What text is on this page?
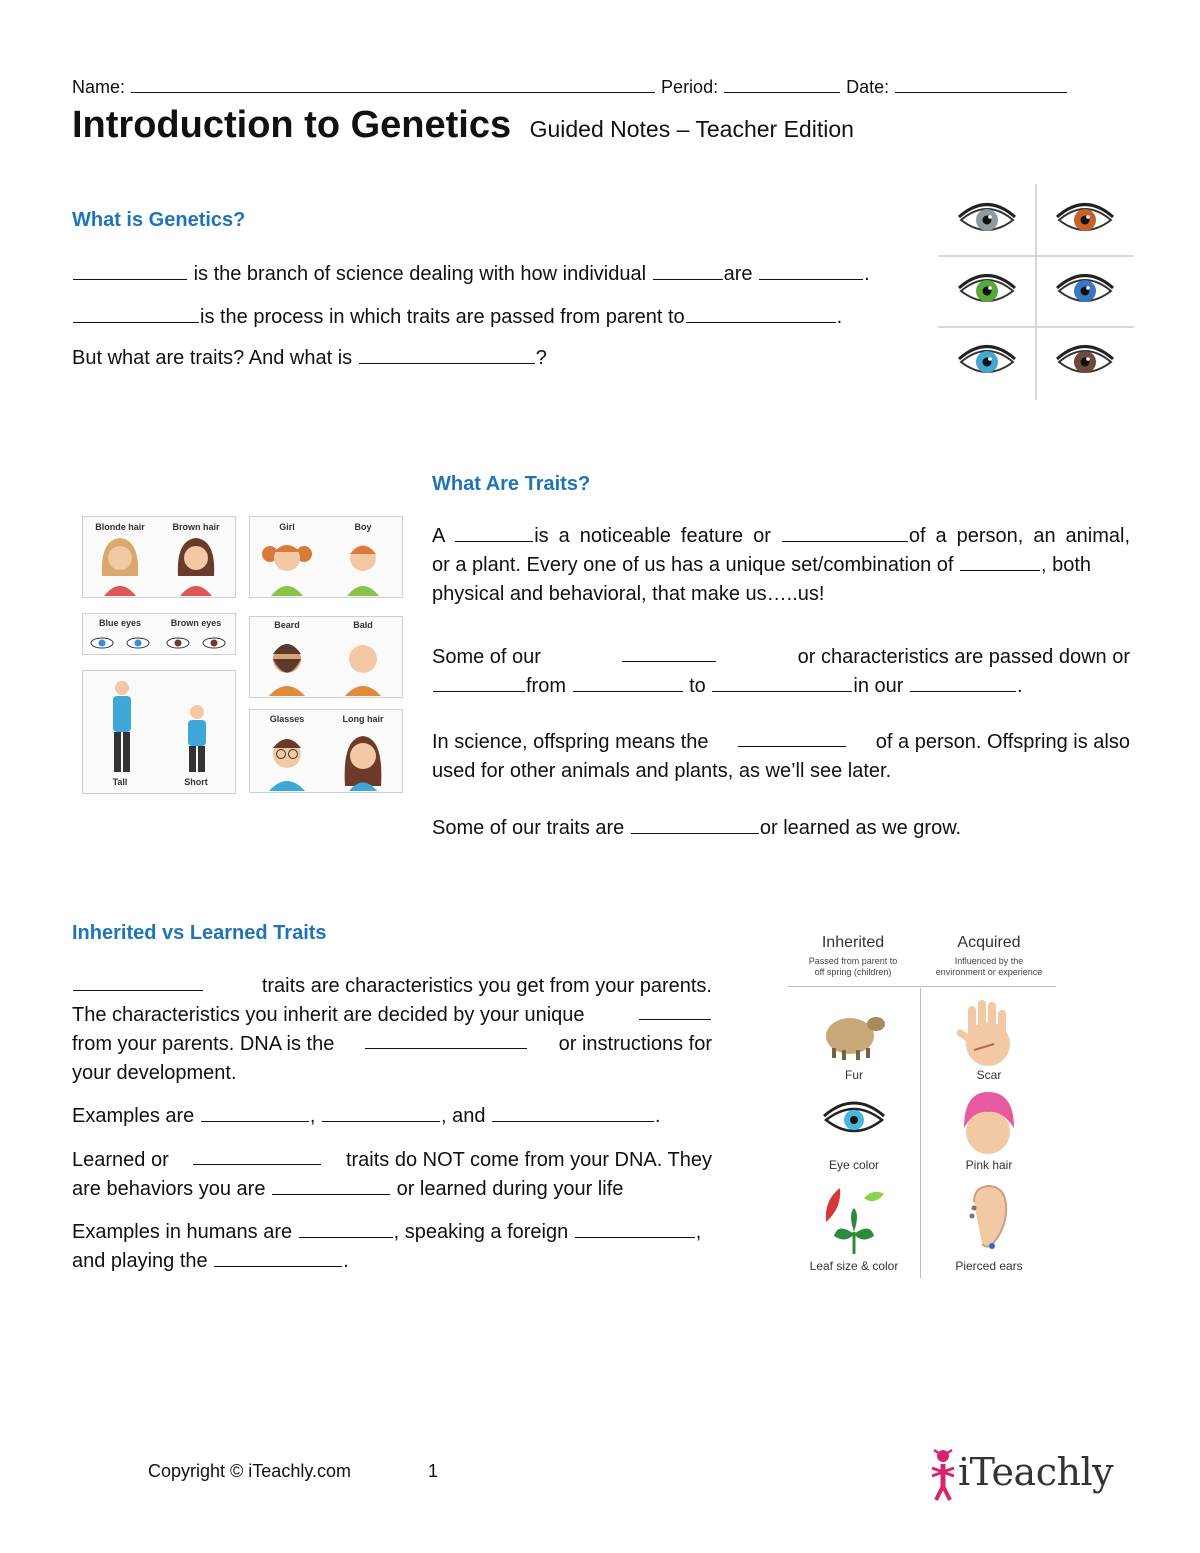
Name:	Period:	Date:
Introduction to Genetics Guided Notes – Teacher Edition
What is Genetics?
is the branch of science dealing with how individual	are	.
is the process in which traits are passed from parent to	.
But what are traits? And what is	?
Blonde hair	Brown hair	Girl	Boy
Blue eyes	Brown eyes	Beard	Bald
Tall	Short
Glasses	Long hair
What Are Traits?
A	is a noticeable feature or	of a person, an animal,
or a plant. Every one of us has a unique set/combination of	, both
physical and behavioral, that make us…..us!
Some of our	or characteristics are passed down or
from	to	in our	.
In science, offspring means the	of a person. Offspring is also
used for other animals and plants, as we’ll see later.
Some of our traits are	or learned as we grow.
Inherited vs Learned Traits
traits are characteristics you get from your parents.
The characteristics you inherit are decided by your unique
from your parents. DNA is the	or instructions for
your development.
Examples are	,	, and	.
Learned or	traits do NOT come from your DNA. They
are behaviors you are	or learned during your life
Examples in humans are	, speaking a foreign	,
and playing the	.
Inherited
Passed from parent to
off spring (children)
Acquired
Influenced by the
environment or experience
Fur	Scar
Eye color	Pink hair
Leaf size & color	Pierced ears
Copyright © iTeachly.com	1	iTeachly
